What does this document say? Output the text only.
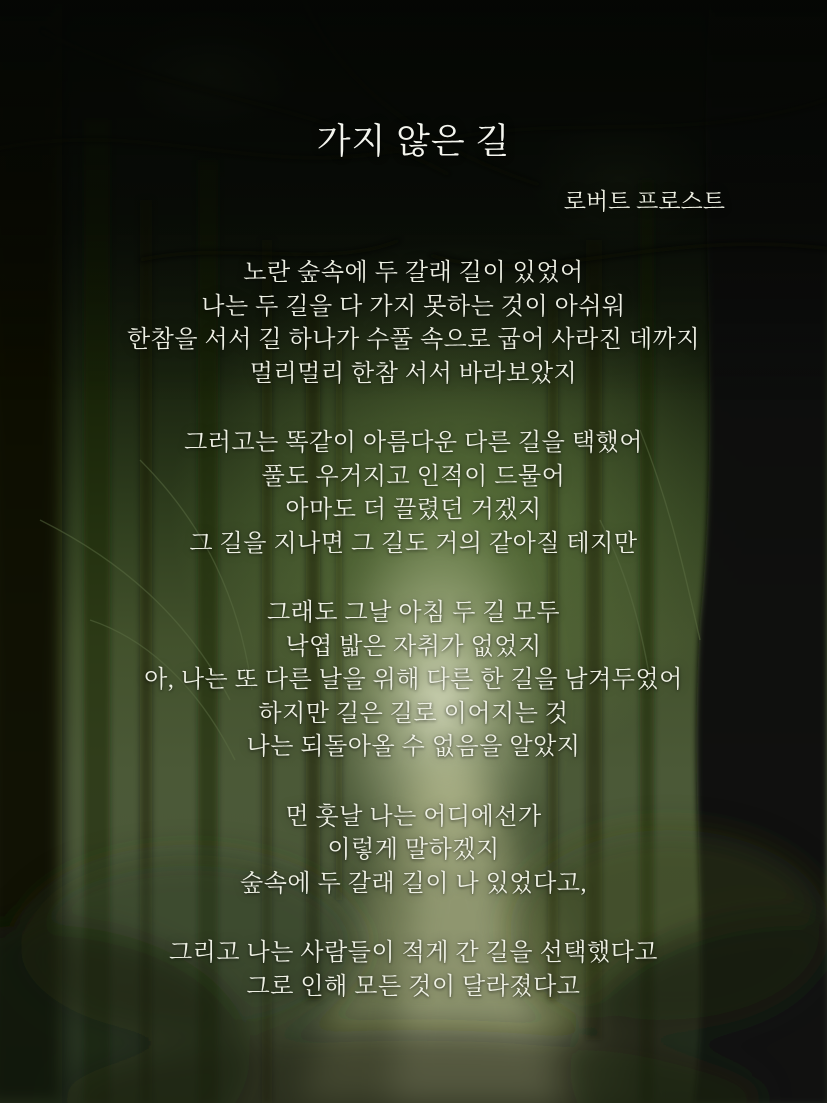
가지 않은 길
로버트 프로스트
노란 숲속에 두 갈래 길이 있었어
나는 두 길을 다 가지 못하는 것이 아쉬워
한참을 서서 길 하나가 수풀 속으로 굽어 사라진 데까지
멀리멀리 한참 서서 바라보았지
그러고는 똑같이 아름다운 다른 길을 택했어
풀도 우거지고 인적이 드물어
아마도 더 끌렸던 거겠지
그 길을 지나면 그 길도 거의 같아질 테지만
그래도 그날 아침 두 길 모두
낙엽 밟은 자취가 없었지
아, 나는 또 다른 날을 위해 다른 한 길을 남겨두었어
하지만 길은 길로 이어지는 것
나는 되돌아올 수 없음을 알았지
먼 훗날 나는 어디에선가
이렇게 말하겠지
숲속에 두 갈래 길이 나 있었다고,
그리고 나는 사람들이 적게 간 길을 선택했다고
그로 인해 모든 것이 달라졌다고
